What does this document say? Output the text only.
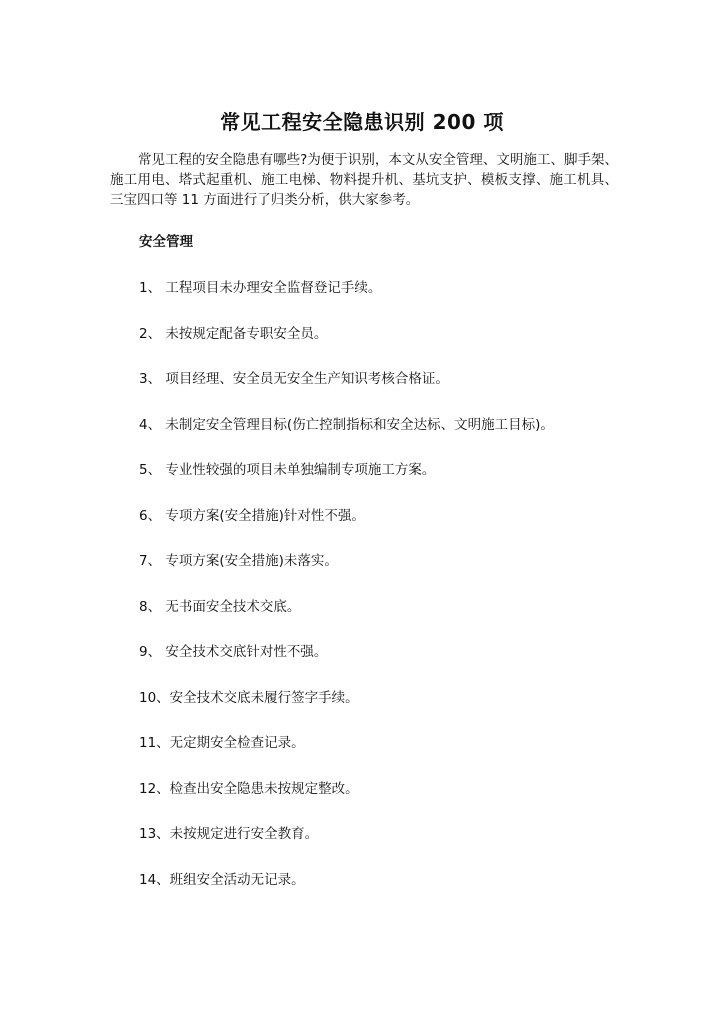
常见工程安全隐患识别 200 项

常见工程的安全隐患有哪些?为便于识别，本文从安全管理、文明施工、脚手架、施工用电、塔式起重机、施工电梯、物料提升机、基坑支护、模板支撑、施工机具、三宝四口等 11 方面进行了归类分析，供大家参考。

安全管理
1、 工程项目未办理安全监督登记手续。
2、 未按规定配备专职安全员。
3、 项目经理、安全员无安全生产知识考核合格证。
4、 未制定安全管理目标(伤亡控制指标和安全达标、文明施工目标)。
5、 专业性较强的项目未单独编制专项施工方案。
6、 专项方案(安全措施)针对性不强。
7、 专项方案(安全措施)未落实。
8、 无书面安全技术交底。
9、 安全技术交底针对性不强。
10、安全技术交底未履行签字手续。
11、无定期安全检查记录。
12、检查出安全隐患未按规定整改。
13、未按规定进行安全教育。
14、班组安全活动无记录。
